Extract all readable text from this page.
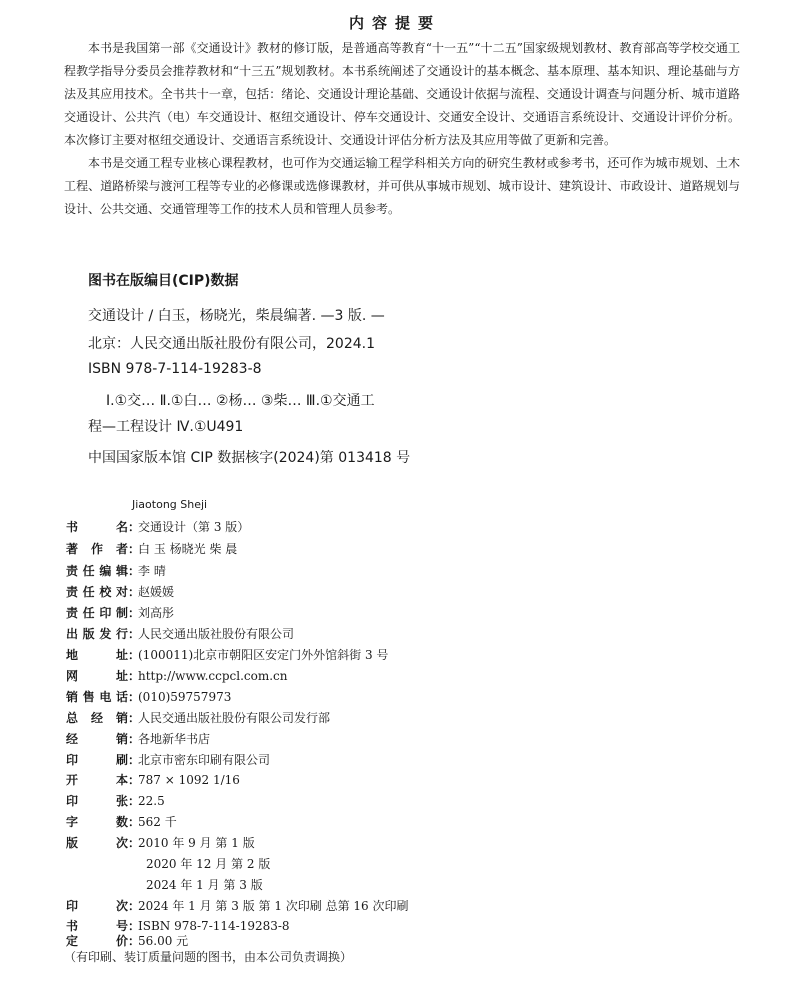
内容提要

本书是我国第一部《交通设计》教材的修订版，是普通高等教育“十一五”“十二五”国家级规划教材、教育部高等学校交通工程教学指导分委员会推荐教材和“十三五”规划教材。本书系统阐述了交通设计的基本概念、基本原理、基本知识、理论基础与方法及其应用技术。全书共十一章，包括：绪论、交通设计理论基础、交通设计依据与流程、交通设计调查与问题分析、城市道路交通设计、公共汽（电）车交通设计、枢纽交通设计、停车交通设计、交通安全设计、交通语言系统设计、交通设计评价分析。本次修订主要对枢纽交通设计、交通语言系统设计、交通设计评估分析方法及其应用等做了更新和完善。

本书是交通工程专业核心课程教材，也可作为交通运输工程学科相关方向的研究生教材或参考书，还可作为城市规划、土木工程、道路桥梁与渡河工程等专业的必修课或选修课教材，并可供从事城市规划、城市设计、建筑设计、市政设计、道路规划与设计、公共交通、交通管理等工作的技术人员和管理人员参考。

图书在版编目(CIP)数据
交通设计 / 白玉，杨晓光，柴晨编著. —3 版. —
北京：人民交通出版社股份有限公司，2024.1
ISBN 978-7-114-19283-8
Ⅰ.①交… Ⅱ.①白… ②杨… ③柴… Ⅲ.①交通工
程—工程设计 Ⅳ.①U491
中国国家版本馆 CIP 数据核字(2024)第 013418 号
Jiaotong Sheji
书名 ：
交通设计（第 3 版）
著作者 ：
白 玉 杨晓光 柴 晨
责任编辑 ：
李 晴
责任校对 ：
赵媛媛
责任印制 ：
刘高彤
出版发行 ：
人民交通出版社股份有限公司
地址 ：
(100011)北京市朝阳区安定门外外馆斜街 3 号
网址 ：
http://www.ccpcl.com.cn
销售电话 ：
(010)59757973
总经销 ：
人民交通出版社股份有限公司发行部
经销 ：
各地新华书店
印刷 ：
北京市密东印刷有限公司
开本 ：
787 × 1092 1/16
印张 ：
22.5
字数 ：
562 千
版次 ：
2010 年 9 月 第 1 版
2020 年 12 月 第 2 版
2024 年 1 月 第 3 版
印次 ：
2024 年 1 月 第 3 版 第 1 次印刷 总第 16 次印刷
书号 ：
ISBN 978-7-114-19283-8
定价 ：
56.00 元
（有印刷、装订质量问题的图书，由本公司负责调换）
